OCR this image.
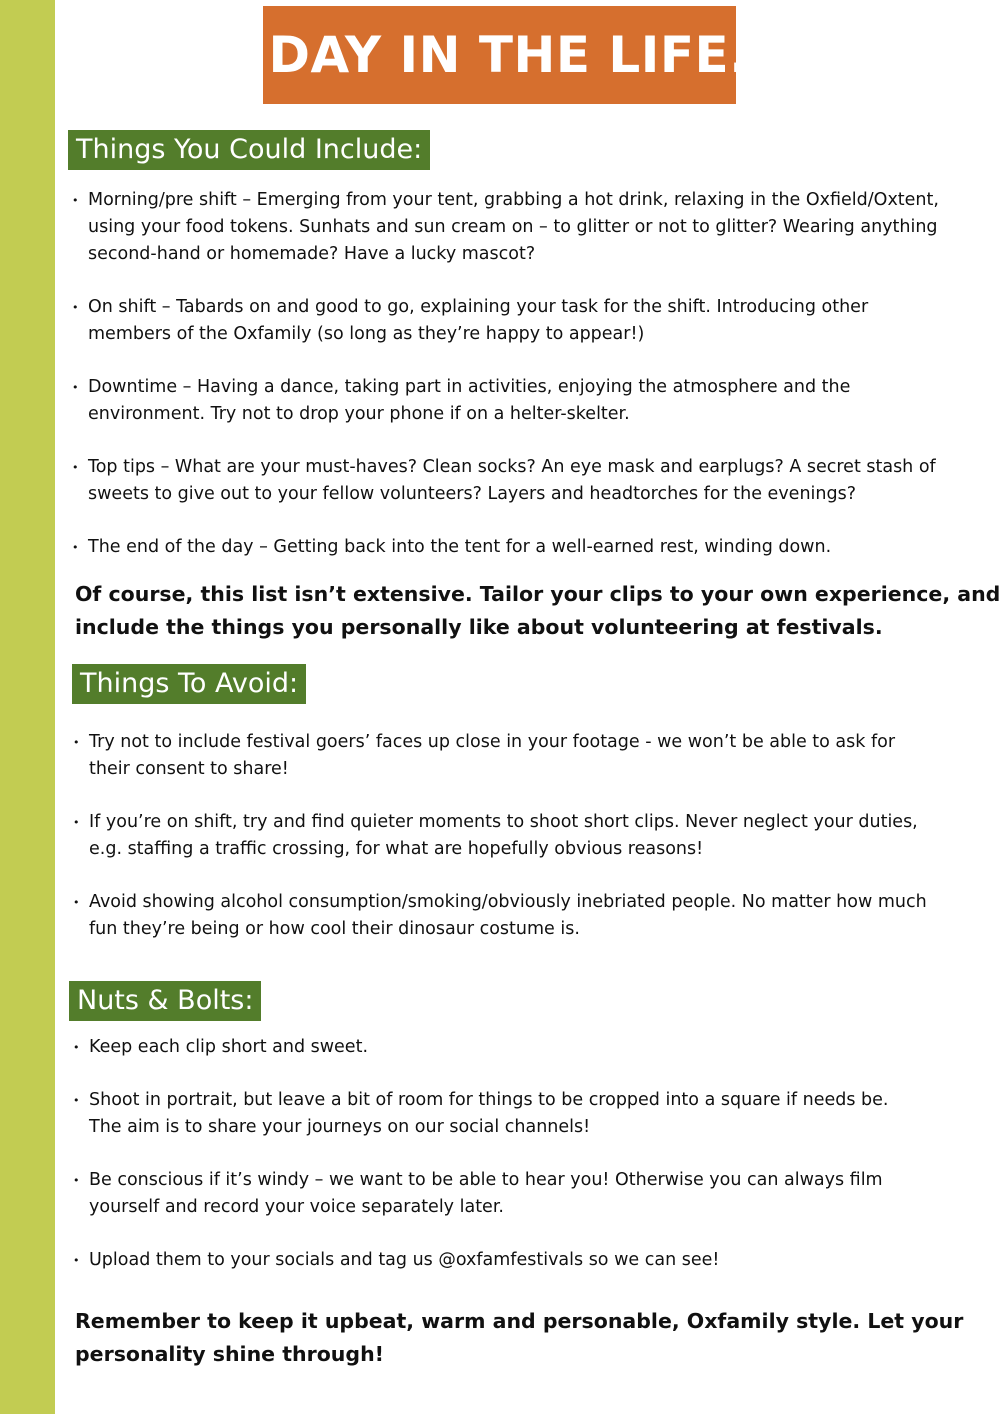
A DAY IN THE LIFE...
Things You Could Include:
• Morning/pre shift – Emerging from your tent, grabbing a hot drink, relaxing in the Oxfield/Oxtent,
using your food tokens. Sunhats and sun cream on – to glitter or not to glitter? Wearing anything
second-hand or homemade? Have a lucky mascot?
• On shift – Tabards on and good to go, explaining your task for the shift. Introducing other
members of the Oxfamily (so long as they’re happy to appear!)
• Downtime – Having a dance, taking part in activities, enjoying the atmosphere and the
environment. Try not to drop your phone if on a helter-skelter.
• Top tips – What are your must-haves? Clean socks? An eye mask and earplugs? A secret stash of
sweets to give out to your fellow volunteers? Layers and headtorches for the evenings?
• The end of the day – Getting back into the tent for a well-earned rest, winding down.
Of course, this list isn’t extensive. Tailor your clips to your own experience, and
include the things you personally like about volunteering at festivals.
Things To Avoid:
• Try not to include festival goers’ faces up close in your footage - we won’t be able to ask for
their consent to share!
• If you’re on shift, try and find quieter moments to shoot short clips. Never neglect your duties,
e.g. staffing a traffic crossing, for what are hopefully obvious reasons!
• Avoid showing alcohol consumption/smoking/obviously inebriated people. No matter how much
fun they’re being or how cool their dinosaur costume is.
Nuts & Bolts:
• Keep each clip short and sweet.
• Shoot in portrait, but leave a bit of room for things to be cropped into a square if needs be.
The aim is to share your journeys on our social channels!
• Be conscious if it’s windy – we want to be able to hear you! Otherwise you can always film
yourself and record your voice separately later.
• Upload them to your socials and tag us @oxfamfestivals so we can see!
Remember to keep it upbeat, warm and personable, Oxfamily style. Let your
personality shine through!
